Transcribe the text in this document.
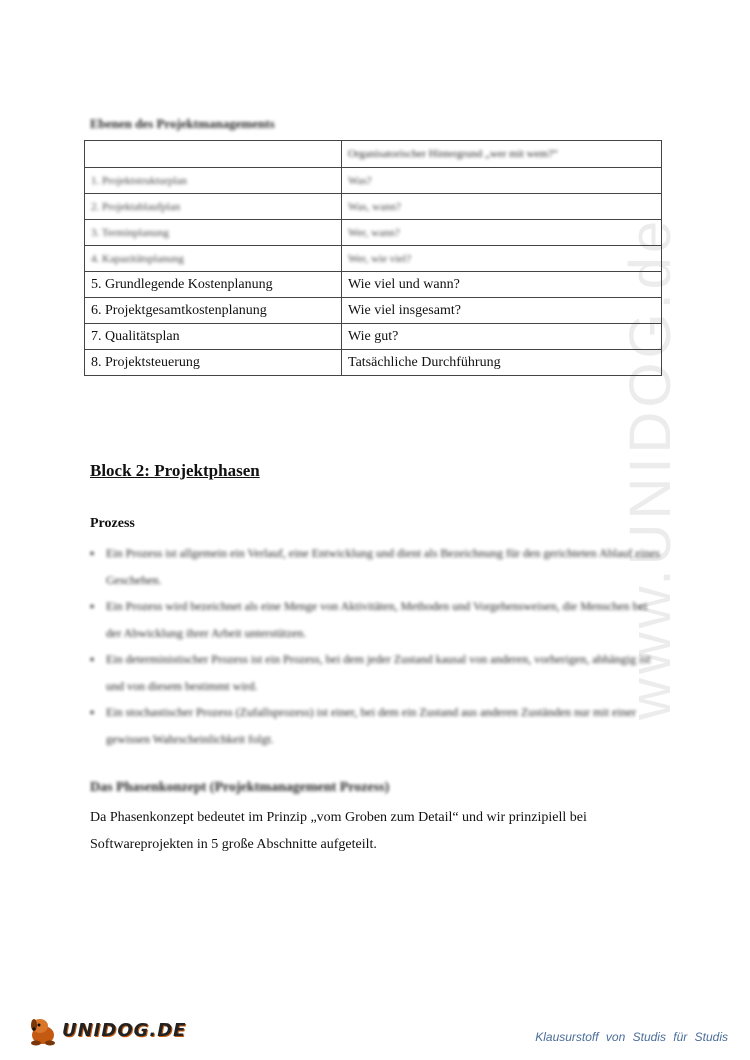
www.UNIDOG.de
Ebenen des Projektmanagements
	Organisatorischer Hintergrund „wer mit wem?“
1. Projektstrukturplan	Was?
2. Projektablaufplan	Was, wann?
3. Terminplanung	Wer, wann?
4. Kapazitätsplanung	Wer, wie viel?
5. Grundlegende Kostenplanung	Wie viel und wann?
6. Projektgesamtkostenplanung	Wie viel insgesamt?
7. Qualitätsplan	Wie gut?
8. Projektsteuerung	Tatsächliche Durchführung
Block 2: Projektphasen
Prozess
▪ Ein Prozess ist allgemein ein Verlauf, eine Entwicklung und dient als Bezeichnung für den gerichteten Ablauf eines Geschehen.
▪ Ein Prozess wird bezeichnet als eine Menge von Aktivitäten, Methoden und Vorgehensweisen, die Menschen bei der Abwicklung ihrer Arbeit unterstützen.
▪ Ein deterministischer Prozess ist ein Prozess, bei dem jeder Zustand kausal von anderen, vorherigen, abhängig ist und von diesem bestimmt wird.
▪ Ein stochastischer Prozess (Zufallsprozess) ist einer, bei dem ein Zustand aus anderen Zuständen nur mit einer gewissen Wahrscheinlichkeit folgt.
Das Phasenkonzept (Projektmanagement Prozess)
Da Phasenkonzept bedeutet im Prinzip „vom Groben zum Detail“ und wir prinzipiell bei Softwareprojekten in 5 große Abschnitte aufgeteilt.
UNIDOG.DE	Klausurstoff von Studis für Studis
